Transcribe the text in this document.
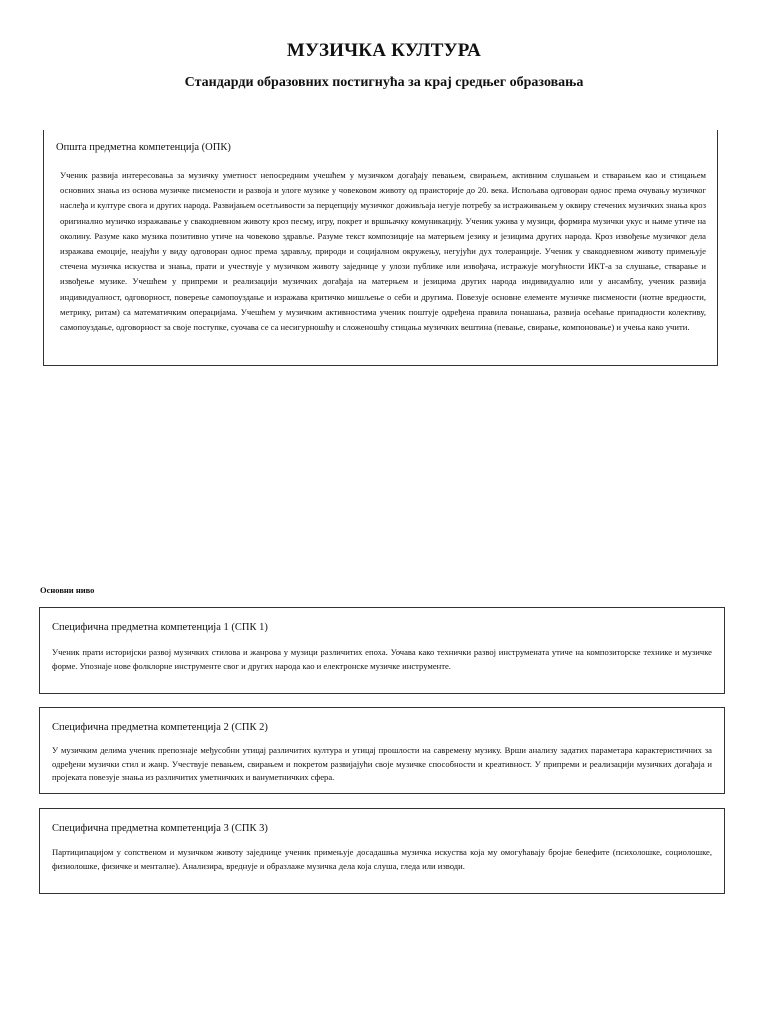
МУЗИЧКА КУЛТУРА
Стандарди образовних постигнућа за крај средњег образовања
Општа предметна компетенција (ОПК)
Ученик развија интересовања за музичку уметност непосредним учешћем у музичком догађају певањем, свирањем, активним слушањем и стварањем као и стицањем основних знања из основа музичке писмености и развоја и улоге музике у човековом животу од праисторије до 20. века. Испољава одговоран однос према очувању музичког наслеђа и културе свога и других народа. Развијањем осетљивости за перцепцију музичког доживљаја негује потребу за истраживањем у оквиру стечених музичких знања кроз оригинално музичко изражавање у свакодневном животу кроз песму, игру, покрет и вршњачку комуникацију. Ученик ужива у музици, формира музички укус и њиме утиче на околину. Разуме како музика позитивно утиче на човеково здравље. Разуме текст композиције на матерњем језику и језицима других народа. Кроз извођење музичког дела изражава емоције, неајући у виду одговоран однос према здрављу, природи и социјалном окружењу, негујући дух толеранције. Ученик у свакодневном животу примењује стечена музичка искуства и знања, прати и учествује у музичком животу заједнице у улози публике или извођача, истражује могућности ИКТ-а за слушање, стварање и извођење музике. Учешћем у припреми и реализацији музичких догађаја на матерњем и језицима других народа индивидуално или у ансамблу, ученик развија индивидуалност, одговорност, поверење самопоуздање и изражава критичко мишљење о себи и другима. Повезује основне елементе музичке писмености (нотне вредности, метрику, ритам) са математичким операцијама. Учешћем у музичким активностима ученик поштује одређена правила понашања, развија осећање припадности колективу, самопоуздање, одговорност за своје поступке, суочава се са несигурношћу и сложеношћу стицања музичких вештина (певање, свирање, компоновање) и учења како учити.
Основни ниво
Специфична предметна компетенција 1 (СПК 1)
Ученик прати историјски развој музичких стилова и жанрова у музици различитих епоха. Уочава како технички развој инструмената утиче на композиторске технике и музичке форме. Упознаје нове фолклорне инструменте свог и других народа као и електронске музичке инструменте.
Специфична предметна компетенција 2 (СПК 2)
У музичким делима ученик препознаје међусобни утицај различитих култура и утицај прошлости на савремену музику. Врши анализу задатих параметара карактеристичних за одређени музички стил и жанр. Учествује певањем, свирањем и покретом развијајући своје музичке способности и креативност. У припреми и реализацији музичких догађаја и пројеката повезује знања из различитих уметничких и вануметничких сфера.
Специфична предметна компетенција 3 (СПК 3)
Партиципацијом у сопственом и музичком животу заједнице ученик примењује досадашња музичка искуства која му омогућавају бројне бенефите (психолошке, социолошке, физиолошке, физичке и менталне). Анализира, вреднује и образлаже музичка дела која слуша, гледа или изводи.
